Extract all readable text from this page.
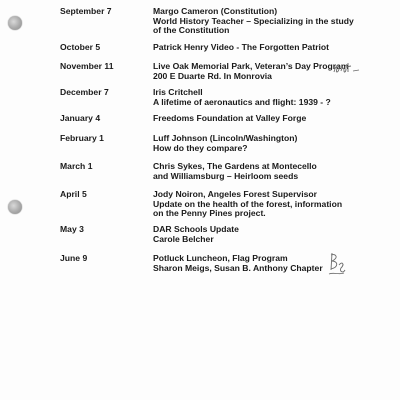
September 7	Margo Cameron (Constitution)
World History Teacher – Specializing in the study
of the Constitution
October 5	Patrick Henry Video - The Forgotten Patriot
November 11	Live Oak Memorial Park, Veteran’s Day Program
200 E Duarte Rd. In Monrovia
December 7	Iris Critchell
A lifetime of aeronautics and flight: 1939 - ?
January 4	Freedoms Foundation at Valley Forge
February 1	Luff Johnson (Lincoln/Washington)
How do they compare?
March 1	Chris Sykes, The Gardens at Montecello
and Williamsburg – Heirloom seeds
April 5	Jody Noiron, Angeles Forest Supervisor
Update on the health of the forest, information
on the Penny Pines project.
May 3	DAR Schools Update
Carole Belcher
June 9	Potluck Luncheon, Flag Program
Sharon Meigs, Susan B. Anthony Chapter
